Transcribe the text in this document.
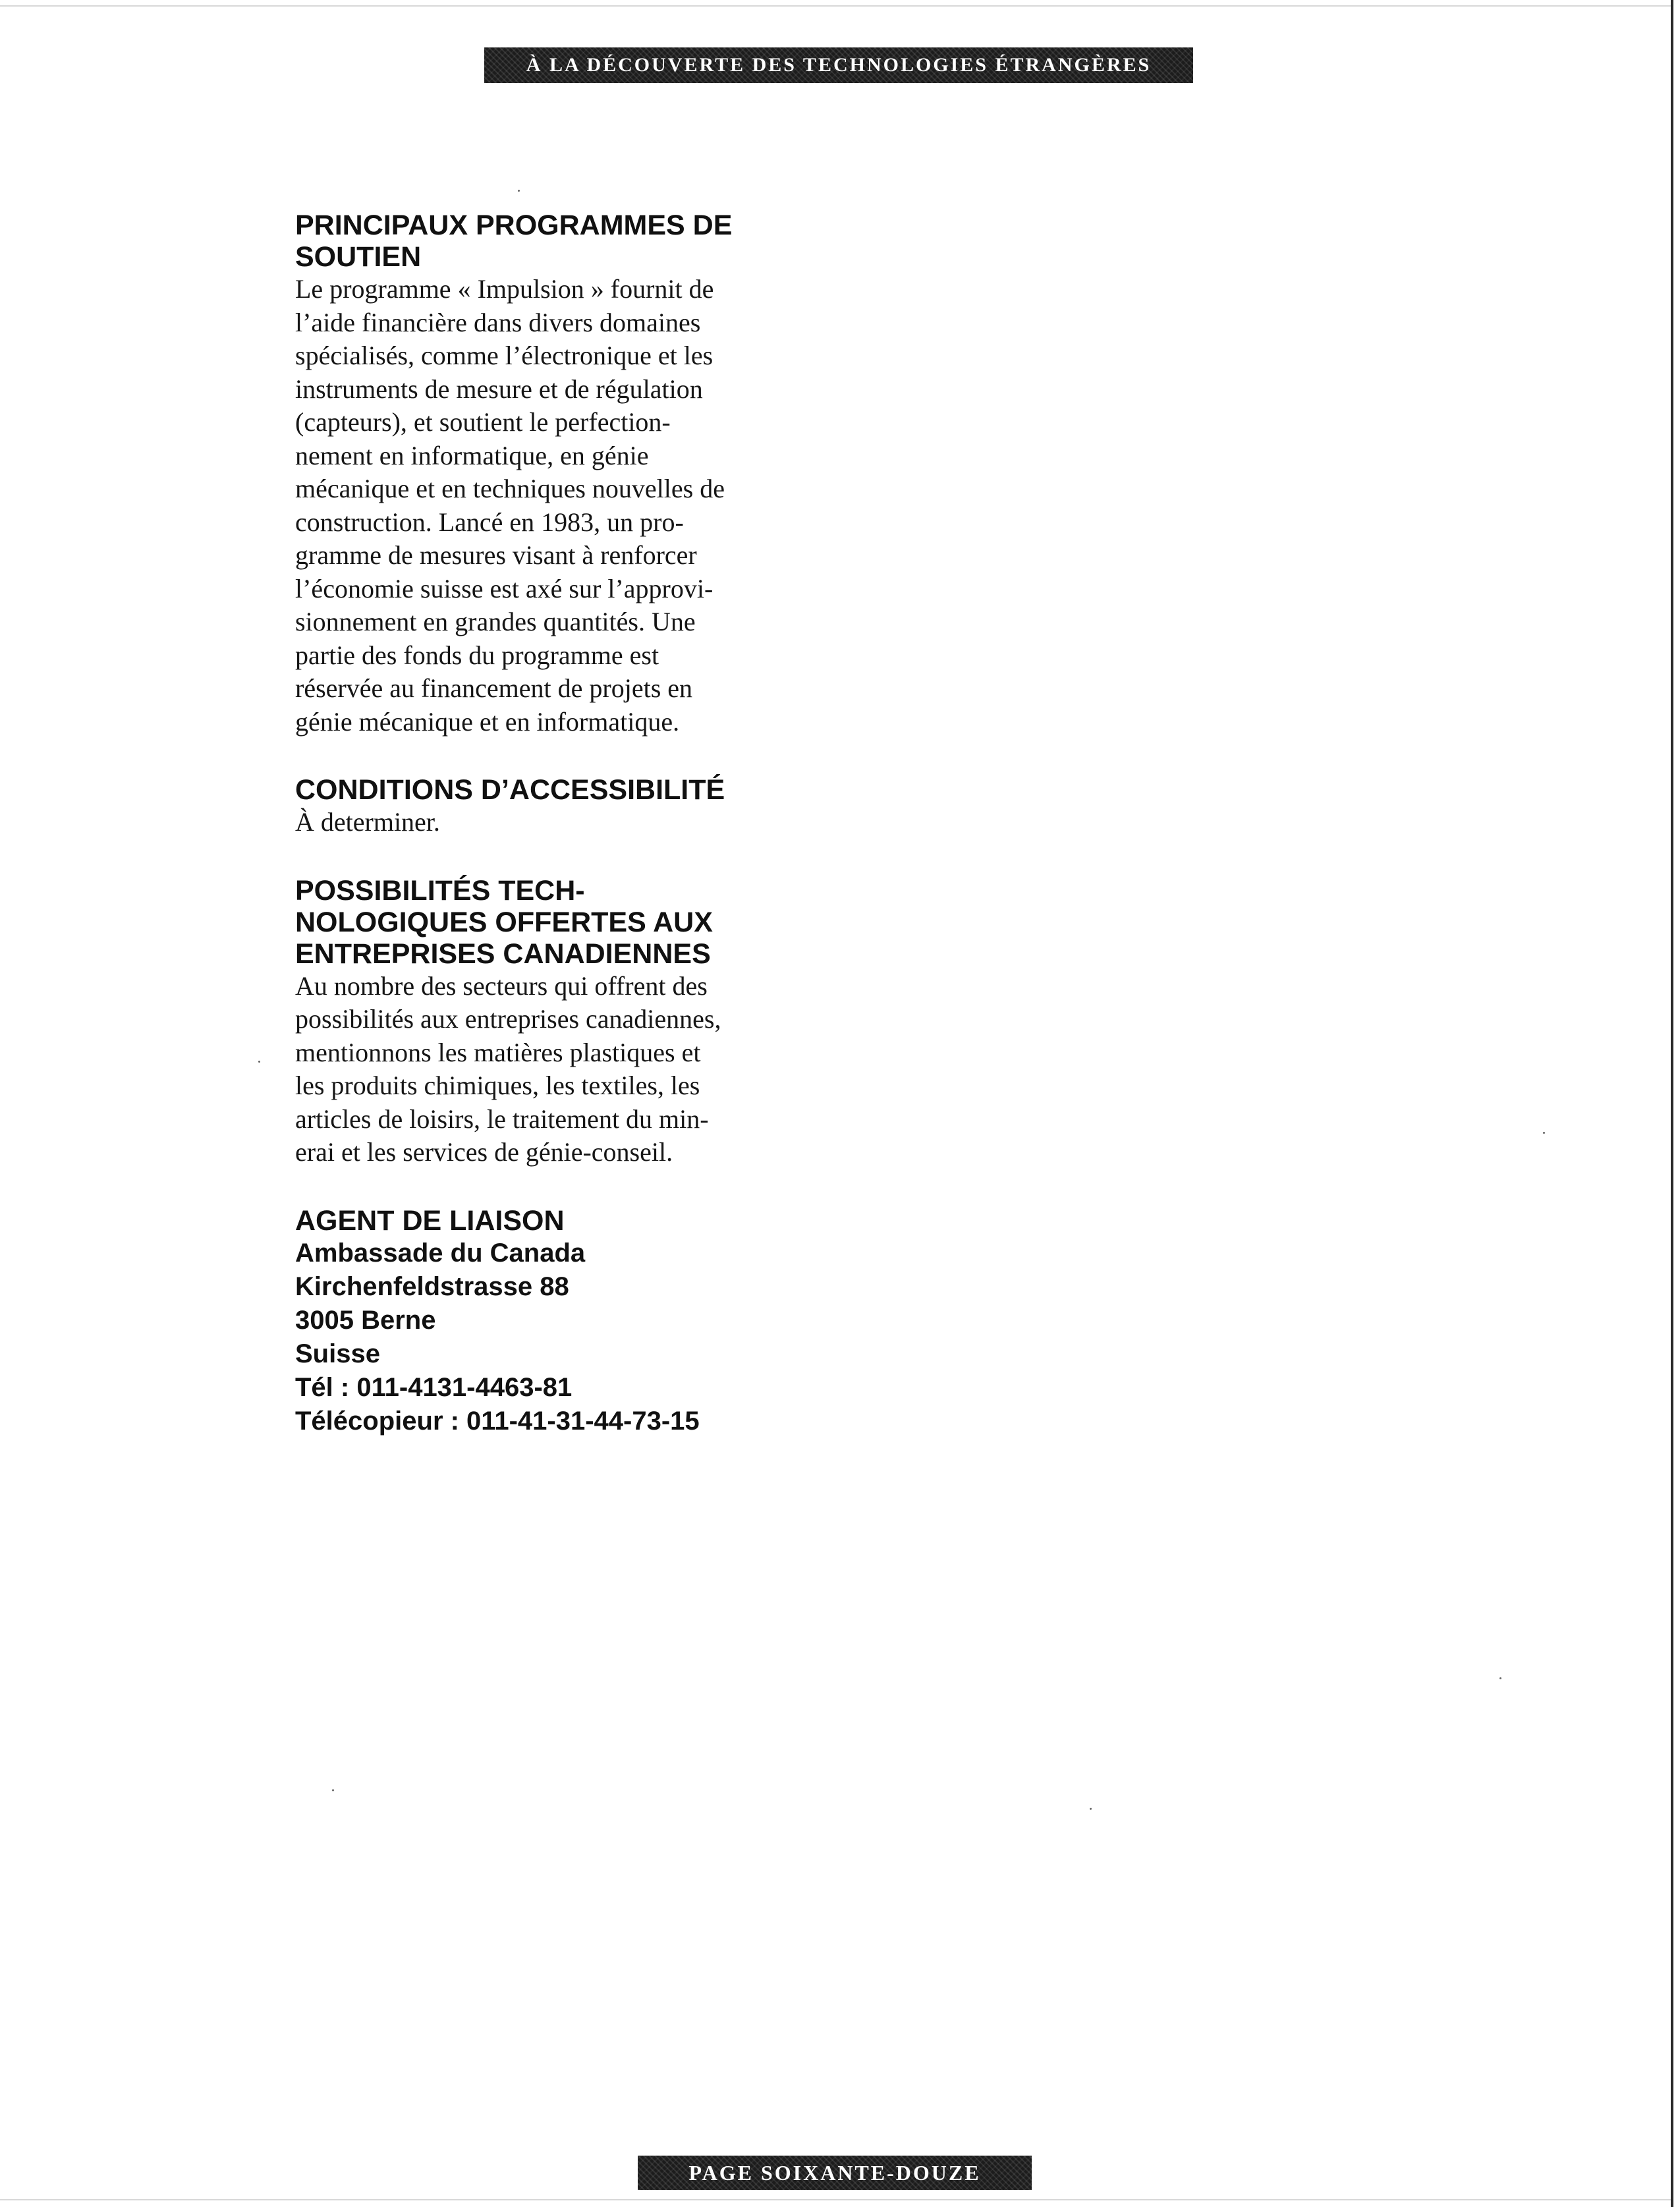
À LA DÉCOUVERTE DES TECHNOLOGIES ÉTRANGÈRES
PRINCIPAUX PROGRAMMES DE
SOUTIEN

Le programme « Impulsion » fournit de
l’aide financière dans divers domaines
spécialisés, comme l’électronique et les
instruments de mesure et de régulation
(capteurs), et soutient le perfection-
nement en informatique, en génie
mécanique et en techniques nouvelles de
construction. Lancé en 1983, un pro-
gramme de mesures visant à renforcer
l’économie suisse est axé sur l’approvi-
sionnement en grandes quantités. Une
partie des fonds du programme est
réservée au financement de projets en
génie mécanique et en informatique.

CONDITIONS D’ACCESSIBILITÉ

À determiner.

POSSIBILITÉS TECH-
NOLOGIQUES OFFERTES AUX
ENTREPRISES CANADIENNES

Au nombre des secteurs qui offrent des
possibilités aux entreprises canadiennes,
mentionnons les matières plastiques et
les produits chimiques, les textiles, les
articles de loisirs, le traitement du min-
erai et les services de génie-conseil.

AGENT DE LIAISON

Ambassade du Canada

Kirchenfeldstrasse 88

3005 Berne

Suisse

Tél : 011-4131-4463-81

Télécopieur : 011-41-31-44-73-15

PAGE SOIXANTE-DOUZE
